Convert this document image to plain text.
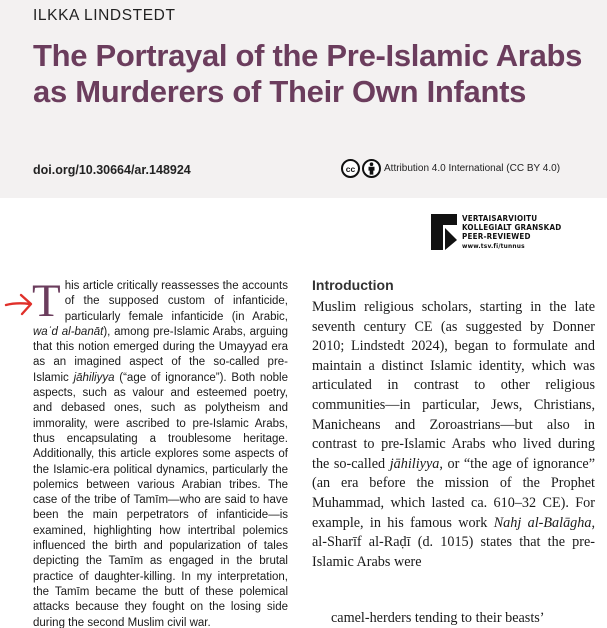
ILKKA LINDSTEDT
The Portrayal of the Pre-Islamic Arabs as Murderers of Their Own Infants
doi.org/10.30664/ar.148924	cc	Attribution 4.0 International (CC BY 4.0)
VERTAISARVIOITU
KOLLEGIALT GRANSKAD
PEER-REVIEWED
www.tsv.fi/tunnus
T his article critically reassesses the accounts of the supposed custom of infanticide, particularly female infanticide (in Arabic, waʾd al-banāt), among pre-Islamic Arabs, arguing that this notion emerged during the Umayyad era as an imagined aspect of the so-called pre-Islamic jāhiliyya (“age of ignorance”). Both noble aspects, such as valour and esteemed poetry, and debased ones, such as polytheism and immorality, were ascribed to pre-Islamic Arabs, thus encapsulating a troublesome heritage. Additionally, this article explores some aspects of the Islamic-era political dynamics, particularly the polemics between various Arabian tribes. The case of the tribe of Tamīm—who are said to have been the main perpetrators of infanticide—is examined, highlighting how intertribal polemics influenced the birth and popularization of tales depicting the Tamīm as engaged in the brutal practice of daughter-killing. In my interpretation, the Tamīm became the butt of these polemical attacks because they fought on the losing side during the second Muslim civil war.

Introduction

Muslim religious scholars, starting in the late seventh century CE (as suggested by Donner 2010; Lindstedt 2024), began to formulate and maintain a distinct Islamic identity, which was articulated in contrast to other religious communities—in particular, Jews, Christians, Manicheans and Zoroastrians—but also in contrast to pre-Islamic Arabs who lived during the so-called jāhiliyya, or “the age of ignorance” (an era before the mission of the Prophet Muhammad, which lasted ca. 610–32 CE). For example, in his famous work Nahj al-Balāgha, al-Sharīf al-Raḍī (d. 1015) states that the pre-Islamic Arabs were

camel-herders tending to their beasts’
